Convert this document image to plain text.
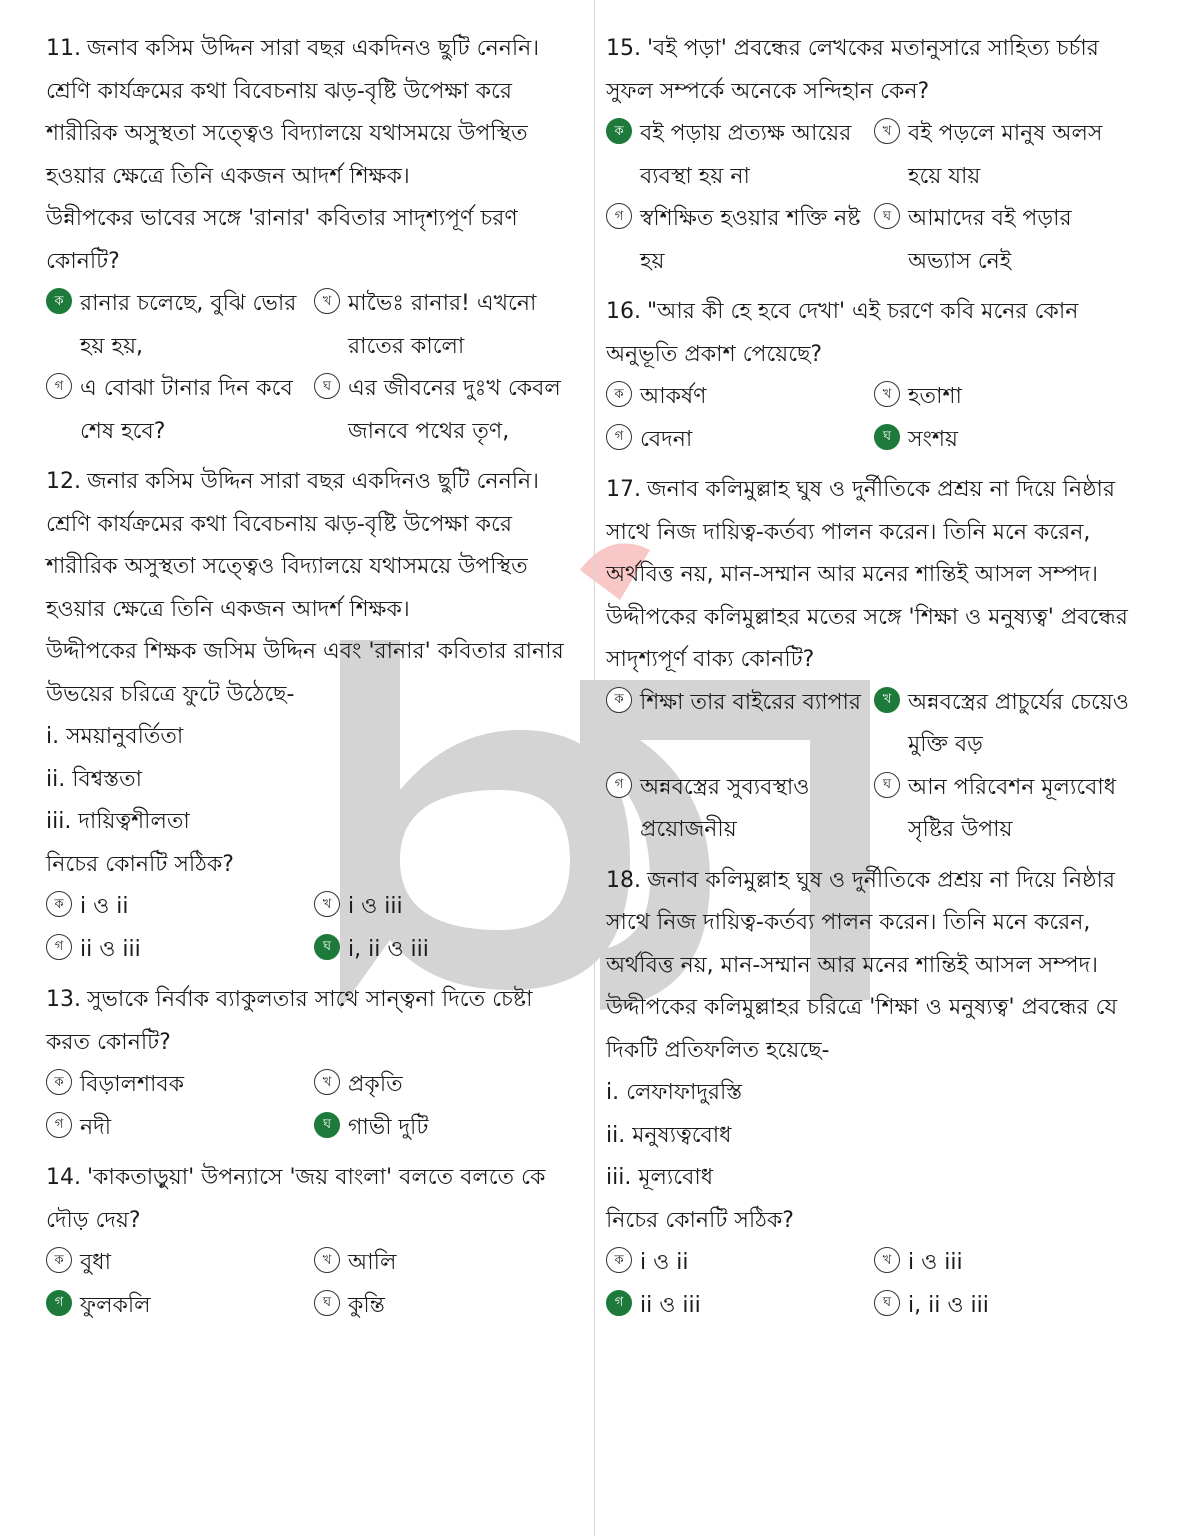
11. জনাব কসিম উদ্দিন সারা বছর একদিনও ছুটি নেননি। শ্রেণি কার্যক্রমের কথা বিবেচনায় ঝড়-বৃষ্টি উপেক্ষা করে শারীরিক অসুস্থতা সত্ত্বেও বিদ্যালয়ে যথাসময়ে উপস্থিত হওয়ার ক্ষেত্রে তিনি একজন আদর্শ শিক্ষক।

উন্নীপকের ভাবের সঙ্গে 'রানার' কবিতার সাদৃশ্যপূর্ণ চরণ কোনটি?

ক রানার চলেছে, বুঝি ভোর হয় হয়,
খ মাভৈঃ রানার! এখনো রাতের কালো
গ এ বোঝা টানার দিন কবে শেষ হবে?
ঘ এর জীবনের দুঃখ কেবল জানবে পথের তৃণ,

12. জনার কসিম উদ্দিন সারা বছর একদিনও ছুটি নেননি। শ্রেণি কার্যক্রমের কথা বিবেচনায় ঝড়-বৃষ্টি উপেক্ষা করে শারীরিক অসুস্থতা সত্ত্বেও বিদ্যালয়ে যথাসময়ে উপস্থিত হওয়ার ক্ষেত্রে তিনি একজন আদর্শ শিক্ষক।

উদ্দীপকের শিক্ষক জসিম উদ্দিন এবং 'রানার' কবিতার রানার উভয়ের চরিত্রে ফুটে উঠেছে-

i. সময়ানুবর্তিতা
ii. বিশ্বস্ততা
iii. দায়িত্বশীলতা

নিচের কোনটি সঠিক?

ক i ও ii	খ i ও iii
গ ii ও iii	ঘ i, ii ও iii

13. সুভাকে নির্বাক ব্যাকুলতার সাথে সান্ত্বনা দিতে চেষ্টা করত কোনটি?

ক বিড়ালশাবক	খ প্রকৃতি
গ নদী	ঘ গাভী দুটি

14. 'কাকতাড়ুয়া' উপন্যাসে 'জয় বাংলা' বলতে বলতে কে দৌড় দেয়?

ক বুধা	খ আলি
গ ফুলকলি	ঘ কুন্তি

15. 'বই পড়া' প্রবন্ধের লেখকের মতানুসারে সাহিত্য চর্চার সুফল সম্পর্কে অনেকে সন্দিহান কেন?

ক বই পড়ায় প্রত্যক্ষ আয়ের ব্যবস্থা হয় না
খ বই পড়লে মানুষ অলস হয়ে যায়
গ স্বশিক্ষিত হওয়ার শক্তি নষ্ট হয়
ঘ আমাদের বই পড়ার অভ্যাস নেই

16. "আর কী হে হবে দেখা' এই চরণে কবি মনের কোন অনুভূতি প্রকাশ পেয়েছে?

ক আকর্ষণ	খ হতাশা
গ বেদনা	ঘ সংশয়

17. জনাব কলিমুল্লাহ ঘুষ ও দুর্নীতিকে প্রশ্রয় না দিয়ে নিষ্ঠার সাথে নিজ দায়িত্ব-কর্তব্য পালন করেন। তিনি মনে করেন, অর্থবিত্ত নয়, মান-সম্মান আর মনের শান্তিই আসল সম্পদ।

উদ্দীপকের কলিমুল্লাহর মতের সঙ্গে 'শিক্ষা ও মনুষ্যত্ব' প্রবন্ধের সাদৃশ্যপূর্ণ বাক্য কোনটি?

ক শিক্ষা তার বাইরের ব্যাপার	খ অন্নবস্ত্রের প্রাচুর্যের চেয়েও মুক্তি বড়
গ অন্নবস্ত্রের সুব্যবস্থাও প্রয়োজনীয়
ঘ আন পরিবেশন মূল্যবোধ সৃষ্টির উপায়

18. জনাব কলিমুল্লাহ ঘুষ ও দুর্নীতিকে প্রশ্রয় না দিয়ে নিষ্ঠার সাথে নিজ দায়িত্ব-কর্তব্য পালন করেন। তিনি মনে করেন, অর্থবিত্ত নয়, মান-সম্মান আর মনের শান্তিই আসল সম্পদ।

উদ্দীপকের কলিমুল্লাহর চরিত্রে 'শিক্ষা ও মনুষ্যত্ব' প্রবন্ধের যে দিকটি প্রতিফলিত হয়েছে-

i. লেফাফাদুরস্তি
ii. মনুষ্যত্ববোধ
iii. মূল্যবোধ

নিচের কোনটি সঠিক?

ক i ও ii	খ i ও iii
গ ii ও iii	ঘ i, ii ও iii
